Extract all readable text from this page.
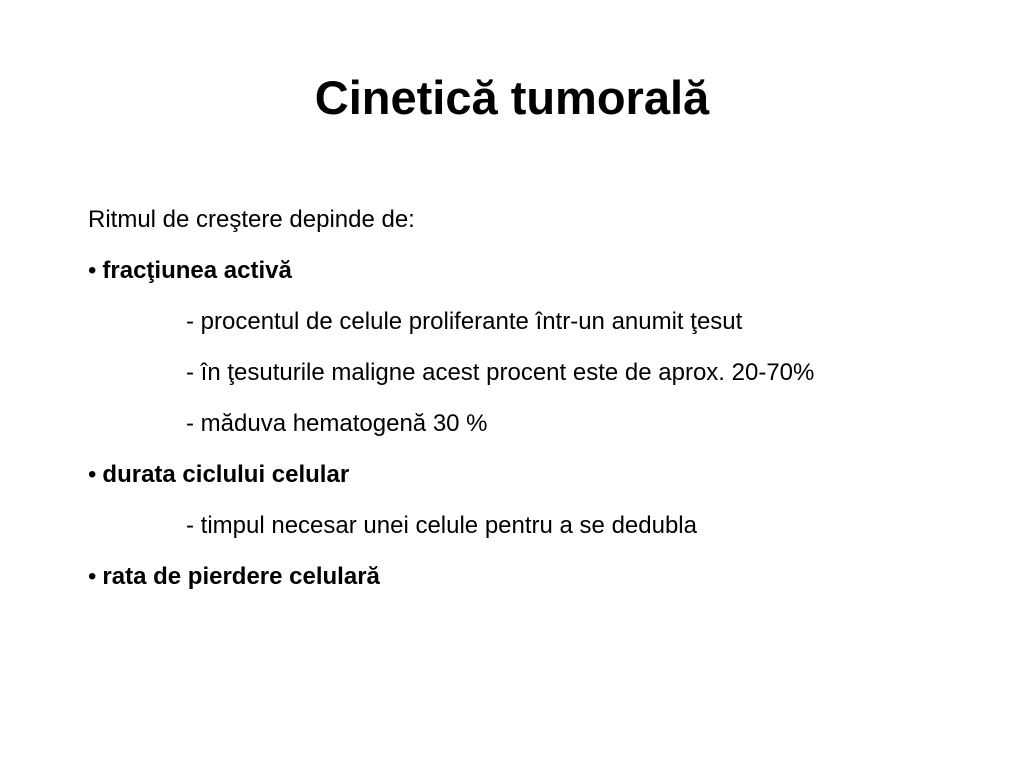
Cinetică tumorală
Ritmul de creştere depinde de:
• fracţiunea activă
- procentul de celule proliferante într-un anumit ţesut
- în ţesuturile maligne acest procent este de aprox. 20-70%
- măduva hematogenă 30 %
• durata ciclului celular
- timpul necesar unei celule pentru a se dedubla
• rata de pierdere celulară
